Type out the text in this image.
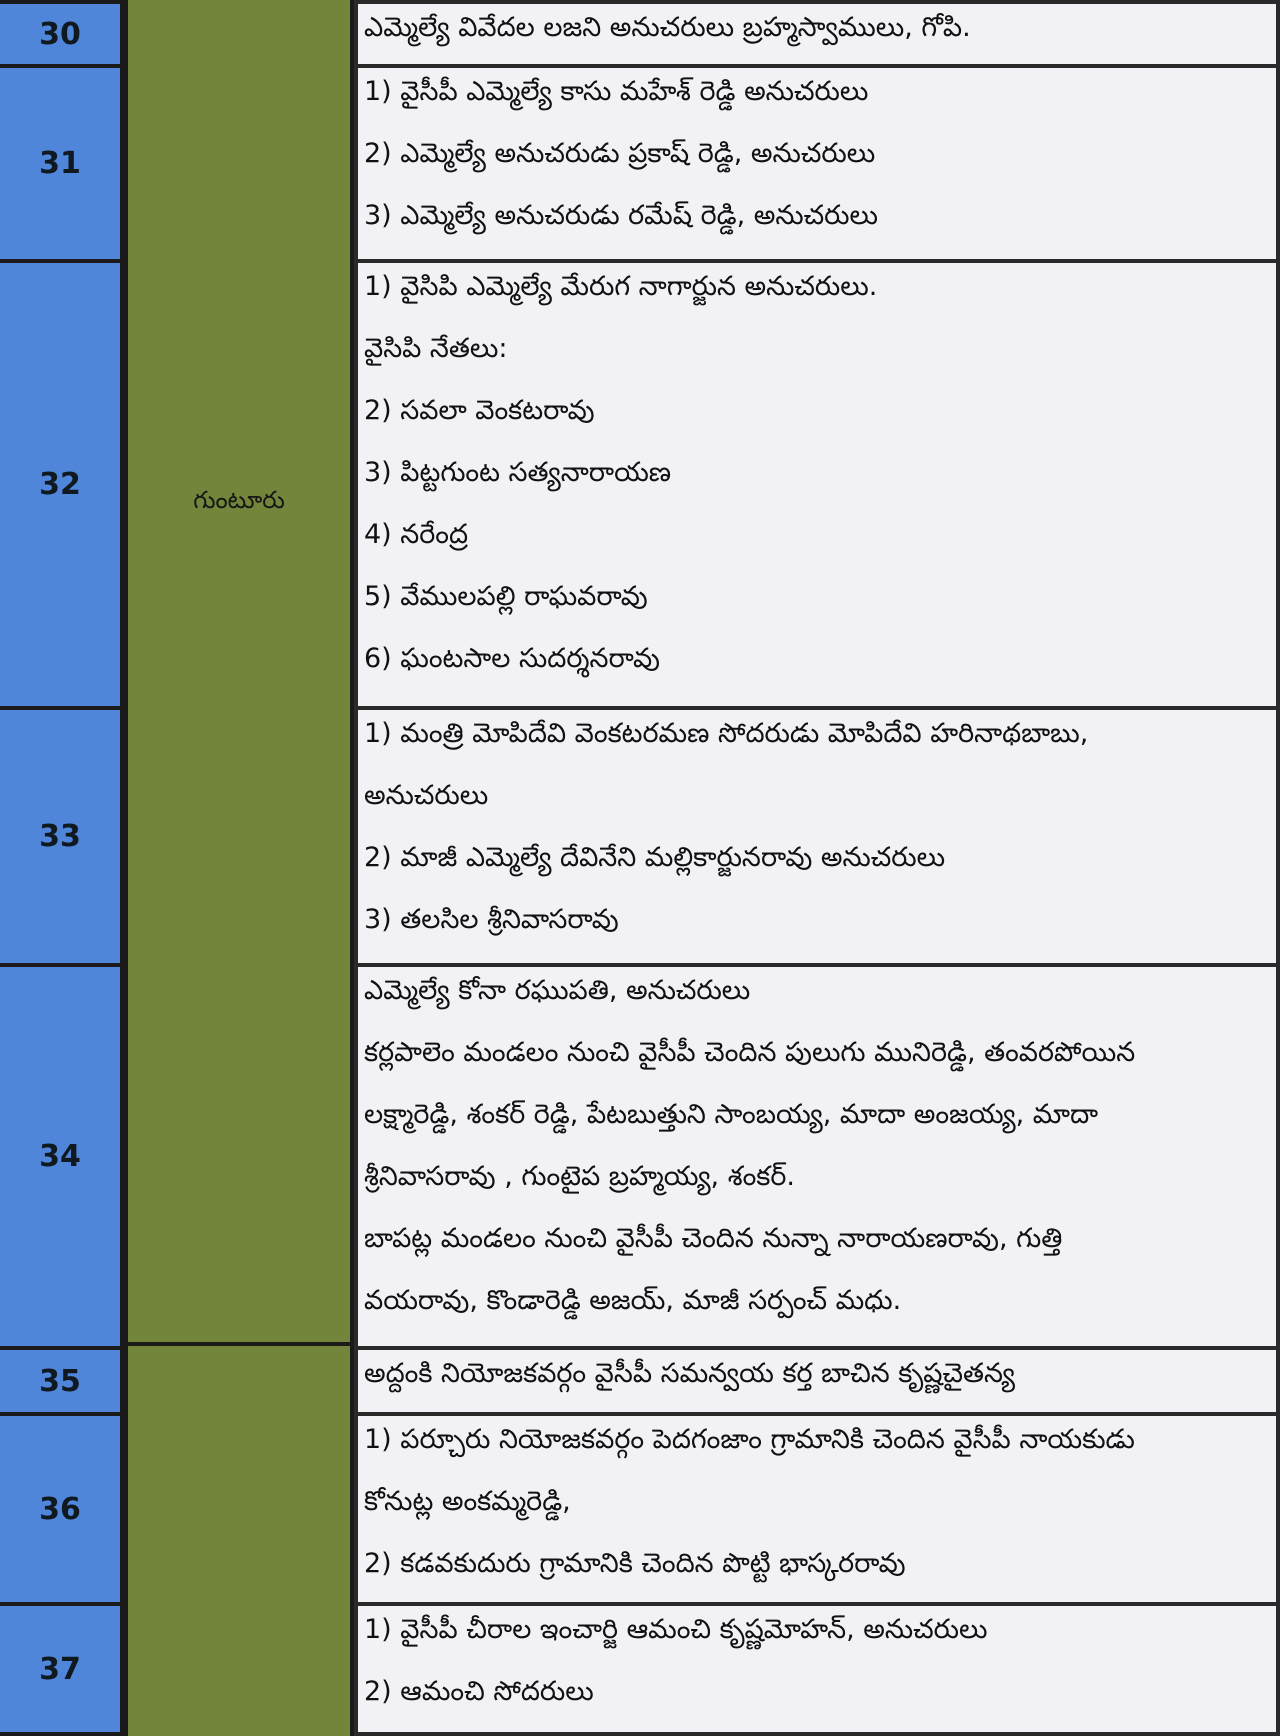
గుంటూరు
30	ఎమ్మెల్యే వివేదల లజని అనుచరులు బ్రహ్మస్వాములు, గోపి.
31
1) వైసీపీ ఎమ్మెల్యే కాసు మహేశ్ రెడ్డి అనుచరులు
2) ఎమ్మెల్యే అనుచరుడు ప్రకాష్ రెడ్డి, అనుచరులు
3) ఎమ్మెల్యే అనుచరుడు రమేష్ రెడ్డి, అనుచరులు
32
1) వైసిపి ఎమ్మెల్యే మేరుగ నాగార్జున అనుచరులు.
వైసిపి నేతలు:
2) సవలా వెంకటరావు
3) పిట్టగుంట సత్యనారాయణ
4) నరేంద్ర
5) వేములపల్లి రాఘవరావు
6) ఘంటసాల సుదర్శనరావు
33
1) మంత్రి మోపిదేవి వెంకటరమణ సోదరుడు మోపిదేవి హరినాథబాబు,
అనుచరులు
2) మాజీ ఎమ్మెల్యే దేవినేని మల్లికార్జునరావు అనుచరులు
3) తలసిల శ్రీనివాసరావు
34
ఎమ్మెల్యే కోనా రఘుపతి, అనుచరులు
కర్లపాలెం మండలం నుంచి వైసీపీ చెందిన పులుగు మునిరెడ్డి, తంవరపోయిన
లక్ష్మారెడ్డి, శంకర్ రెడ్డి, పేటబుత్తుని సాంబయ్య, మాదా అంజయ్య, మాదా
శ్రీనివాసరావు , గుంటైప బ్రహ్మయ్య, శంకర్.
బాపట్ల మండలం నుంచి వైసీపీ చెందిన నున్నా నారాయణరావు, గుత్తి
వయరావు, కొండారెడ్డి అజయ్, మాజీ సర్పంచ్ మధు.
35	అద్దంకి నియోజకవర్గం వైసీపీ సమన్వయ కర్త బాచిన కృష్ణచైతన్య
36
1) పర్చూరు నియోజకవర్గం పెదగంజాం గ్రామానికి చెందిన వైసీపీ నాయకుడు
కోనుట్ల అంకమ్మరెడ్డి,
2) కడవకుదురు గ్రామానికి చెందిన పొట్టి భాస్కరరావు
37
1) వైసీపీ చీరాల ఇంచార్జి ఆమంచి కృష్ణమోహన్, అనుచరులు
2) ఆమంచి సోదరులు
